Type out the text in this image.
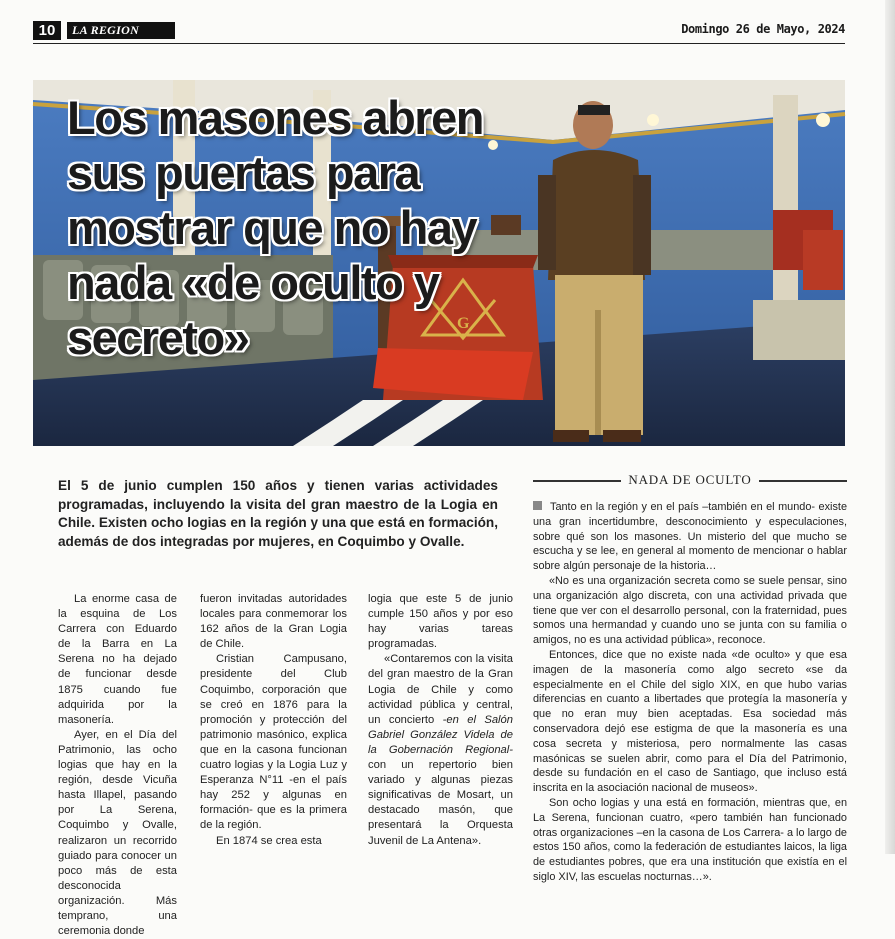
10	LA REGION	Domingo 26 de Mayo, 2024
G
Los masones abren sus puertas para mostrar que no hay nada «de oculto y secreto»
El 5 de junio cumplen 150 años y tienen varias actividades programadas, incluyendo la visita del gran maestro de la Logia en Chile. Existen ocho logias en la región y una que está en formación, además de dos integradas por mujeres, en Coquimbo y Ovalle.

La enorme casa de la esquina de Los Carrera con Eduardo de la Barra en La Serena no ha dejado de funcionar desde 1875 cuando fue adquirida por la masonería.

Ayer, en el Día del Patrimonio, las ocho logias que hay en la región, desde Vicuña hasta Illapel, pasando por La Serena, Coquimbo y Ovalle, realizaron un recorrido guiado para conocer un poco más de esta desconocida organización. Más temprano, una ceremonia donde

fueron invitadas autoridades locales para conmemorar los 162 años de la Gran Logia de Chile.

Cristian Campusano, presidente del Club Coquimbo, corporación que se creó en 1876 para la promoción y protección del patrimonio masónico, explica que en la casona funcionan cuatro logias y la Logia Luz y Esperanza N°11 -en el país hay 252 y algunas en formación- que es la primera de la región.

En 1874 se crea esta

logia que este 5 de junio cumple 150 años y por eso hay varias tareas programadas.

«Contaremos con la visita del gran maestro de la Gran Logia de Chile y como actividad pública y central, un concierto -en el Salón Gabriel González Videla de la Gobernación Regional- con un repertorio bien variado y algunas piezas significativas de Mosart, un destacado masón, que presentará la Orquesta Juvenil de La Antena».

NADA DE OCULTO

Tanto en la región y en el país –también en el mundo- existe una gran incertidumbre, desconocimiento y especulaciones, sobre qué son los masones. Un misterio del que mucho se escucha y se lee, en general al momento de mencionar o hablar sobre algún personaje de la historia…

«No es una organización secreta como se suele pensar, sino una organización algo discreta, con una actividad privada que tiene que ver con el desarrollo personal, con la fraternidad, pues somos una hermandad y cuando uno se junta con su familia o amigos, no es una actividad pública», reconoce.

Entonces, dice que no existe nada «de oculto» y que esa imagen de la masonería como algo secreto «se da especialmente en el Chile del siglo XIX, en que hubo varias diferencias en cuanto a libertades que protegía la masonería y que no eran muy bien aceptadas. Esa sociedad más conservadora dejó ese estigma de que la masonería es una cosa secreta y misteriosa, pero normalmente las casas masónicas se suelen abrir, como para el Día del Patrimonio, desde su fundación en el caso de Santiago, que incluso está inscrita en la asociación nacional de museos».

Son ocho logias y una está en formación, mientras que, en La Serena, funcionan cuatro, «pero también han funcionado otras organizaciones –en la casona de Los Carrera- a lo largo de estos 150 años, como la federación de estudiantes laicos, la liga de estudiantes pobres, que era una institución que existía en el siglo XIV, las escuelas nocturnas…».
